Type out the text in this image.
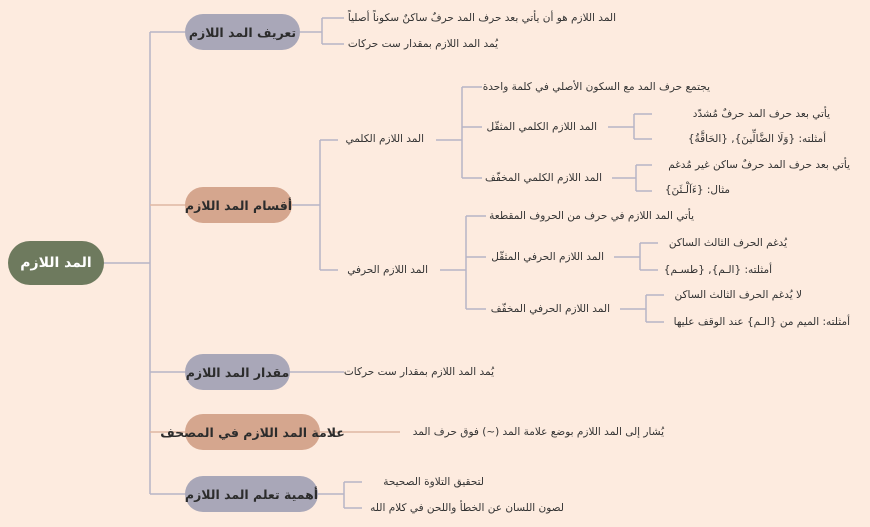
المد اللازم
تعريف المد اللازم
المد اللازم هو أن يأتي بعد حرف المد حرفٌ ساكنٌ سكوناً أصلياً
يُمد المد اللازم بمقدار ست حركات
أقسام المد اللازم
المد اللازم الكلمي
يجتمع حرف المد مع السكون الأصلي في كلمة واحدة
المد اللازم الكلمي المثقّل
يأتي بعد حرف المد حرفٌ مُشدّد
أمثلته: {وَلَا الضَّالِّينَ}, {الحَاقَّةُ}
المد اللازم الكلمي المخفّف
يأتي بعد حرف المد حرفٌ ساكن غير مُدغم
مثال: {ءَآلْـئَنَ}
المد اللازم الحرفي
يأتي المد اللازم في حرف من الحروف المقطعة
المد اللازم الحرفي المثقّل
يُدغم الحرف الثالث الساكن
أمثلته: {الـم}, {طسـم}
المد اللازم الحرفي المخفّف
لا يُدغم الحرف الثالث الساكن
أمثلته: الميم من {الـم} عند الوقف عليها
مقدار المد اللازم	يُمد المد اللازم بمقدار ست حركات
علامة المد اللازم في المصحف	يُشار إلى المد اللازم بوضع علامة المد (~) فوق حرف المد
أهمية تعلم المد اللازم
لتحقيق التلاوة الصحيحة
لصون اللسان عن الخطأ واللحن في كلام الله
